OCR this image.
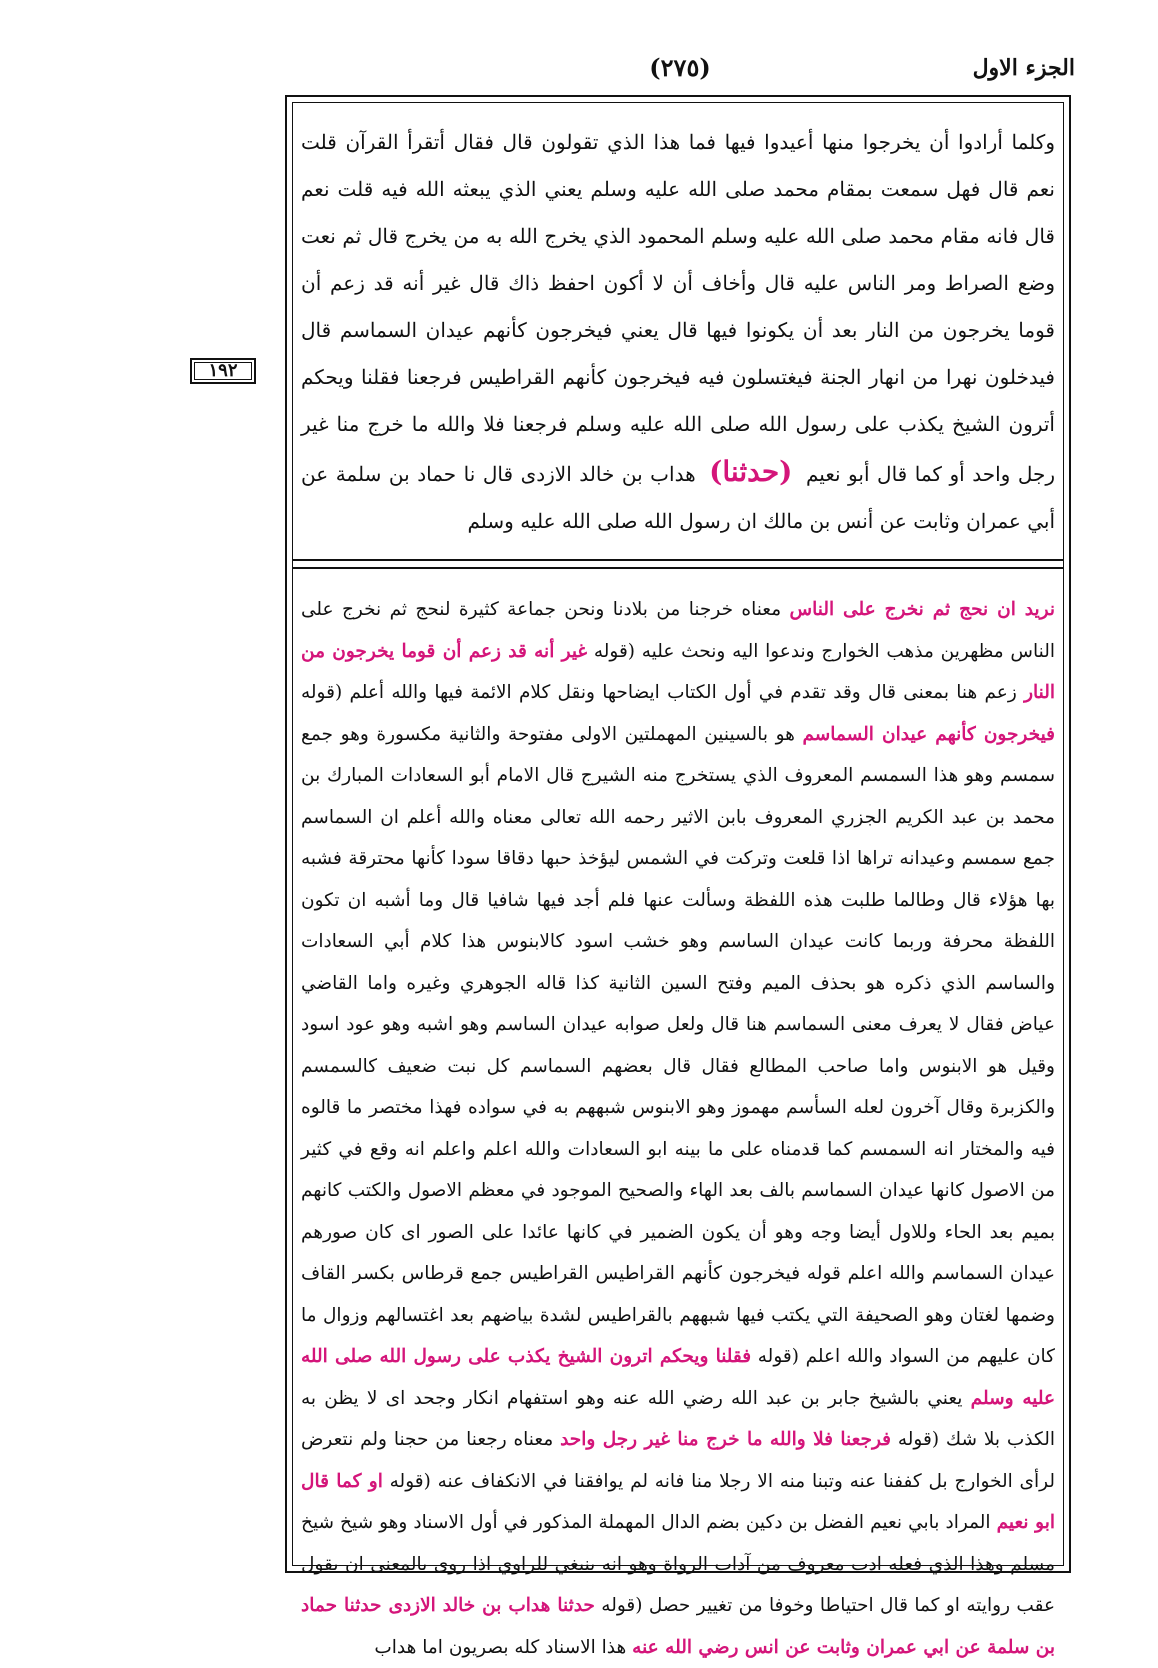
(٢٧٥)	الجزء الاول
١٩٢
وكلما أرادوا أن يخرجوا منها أعيدوا فيها فما هذا الذي تقولون قال فقال أتقرأ القرآن قلت نعم قال فهل سمعت بمقام محمد صلى الله عليه وسلم يعني الذي يبعثه الله فيه قلت نعم قال فانه مقام محمد صلى الله عليه وسلم المحمود الذي يخرج الله به من يخرج قال ثم نعت وضع الصراط ومر الناس عليه قال وأخاف أن لا أكون احفظ ذاك قال غير أنه قد زعم أن قوما يخرجون من النار بعد أن يكونوا فيها قال يعني فيخرجون كأنهم عيدان السماسم قال فيدخلون نهرا من انهار الجنة فيغتسلون فيه فيخرجون كأنهم القراطيس فرجعنا فقلنا ويحكم أترون الشيخ يكذب على رسول الله صلى الله عليه وسلم فرجعنا فلا والله ما خرج منا غير رجل واحد أو كما قال أبو نعيم (حدثنا) هداب بن خالد الازدى قال نا حماد بن سلمة عن أبي عمران وثابت عن أنس بن مالك ان رسول الله صلى الله عليه وسلم
نريد ان نحج ثم نخرج على الناس معناه خرجنا من بلادنا ونحن جماعة كثيرة لنحج ثم نخرج على الناس مظهرين مذهب الخوارج وندعوا اليه ونحث عليه (قوله غير أنه قد زعم أن قوما يخرجون من النار زعم هنا بمعنى قال وقد تقدم في أول الكتاب ايضاحها ونقل كلام الائمة فيها والله أعلم (قوله فيخرجون كأنهم عيدان السماسم هو بالسينين المهملتين الاولى مفتوحة والثانية مكسورة وهو جمع سمسم وهو هذا السمسم المعروف الذي يستخرج منه الشيرج قال الامام أبو السعادات المبارك بن محمد بن عبد الكريم الجزري المعروف بابن الاثير رحمه الله تعالى معناه والله أعلم ان السماسم جمع سمسم وعيدانه تراها اذا قلعت وتركت في الشمس ليؤخذ حبها دقاقا سودا كأنها محترقة فشبه بها هؤلاء قال وطالما طلبت هذه اللفظة وسألت عنها فلم أجد فيها شافيا قال وما أشبه ان تكون اللفظة محرفة وربما كانت عيدان الساسم وهو خشب اسود كالابنوس هذا كلام أبي السعادات والساسم الذي ذكره هو بحذف الميم وفتح السين الثانية كذا قاله الجوهري وغيره واما القاضي عياض فقال لا يعرف معنى السماسم هنا قال ولعل صوابه عيدان الساسم وهو اشبه وهو عود اسود وقيل هو الابنوس واما صاحب المطالع فقال قال بعضهم السماسم كل نبت ضعيف كالسمسم والكزبرة وقال آخرون لعله السأسم مهموز وهو الابنوس شبههم به في سواده فهذا مختصر ما قالوه فيه والمختار انه السمسم كما قدمناه على ما بينه ابو السعادات والله اعلم واعلم انه وقع في كثير من الاصول كانها عيدان السماسم بالف بعد الهاء والصحيح الموجود في معظم الاصول والكتب كانهم بميم بعد الحاء وللاول أيضا وجه وهو أن يكون الضمير في كانها عائدا على الصور اى كان صورهم عيدان السماسم والله اعلم قوله فيخرجون كأنهم القراطيس القراطيس جمع قرطاس بكسر القاف وضمها لغتان وهو الصحيفة التي يكتب فيها شبههم بالقراطيس لشدة بياضهم بعد اغتسالهم وزوال ما كان عليهم من السواد والله اعلم (قوله فقلنا ويحكم اترون الشيخ يكذب على رسول الله صلى الله عليه وسلم يعني بالشيخ جابر بن عبد الله رضي الله عنه وهو استفهام انكار وجحد اى لا يظن به الكذب بلا شك (قوله فرجعنا فلا والله ما خرج منا غير رجل واحد معناه رجعنا من حجنا ولم نتعرض لرأى الخوارج بل كففنا عنه وتبنا منه الا رجلا منا فانه لم يوافقنا في الانكفاف عنه (قوله او كما قال ابو نعيم المراد بابي نعيم الفضل بن دكين بضم الدال المهملة المذكور في أول الاسناد وهو شيخ شيخ مسلم وهذا الذي فعله ادب معروف من آداب الرواة وهو انه ينبغي للراوي اذا روى بالمعنى ان يقول عقب روايته او كما قال احتياطا وخوفا من تغيير حصل (قوله حدثنا هداب بن خالد الازدى حدثنا حماد بن سلمة عن ابي عمران وثابت عن انس رضي الله عنه هذا الاسناد كله بصريون اما هداب
